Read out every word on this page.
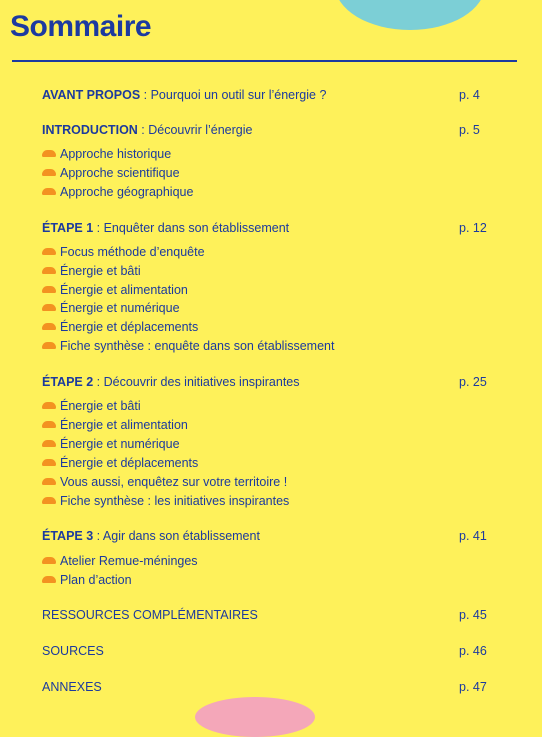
Sommaire
AVANT PROPOS : Pourquoi un outil sur l’énergie ?	p. 4
INTRODUCTION : Découvrir l’énergie	p. 5
Approche historique
Approche scientifique
Approche géographique
ÉTAPE 1 : Enquêter dans son établissement	p. 12
Focus méthode d’enquête
Énergie et bâti
Énergie et alimentation
Énergie et numérique
Énergie et déplacements
Fiche synthèse : enquête dans son établissement
ÉTAPE 2 : Découvrir des initiatives inspirantes	p. 25
Énergie et bâti
Énergie et alimentation
Énergie et numérique
Énergie et déplacements
Vous aussi, enquêtez sur votre territoire !
Fiche synthèse : les initiatives inspirantes
ÉTAPE 3 : Agir dans son établissement	p. 41
Atelier Remue-méninges
Plan d’action
RESSOURCES COMPLÉMENTAIRES	p. 45
SOURCES	p. 46
ANNEXES	p. 47
